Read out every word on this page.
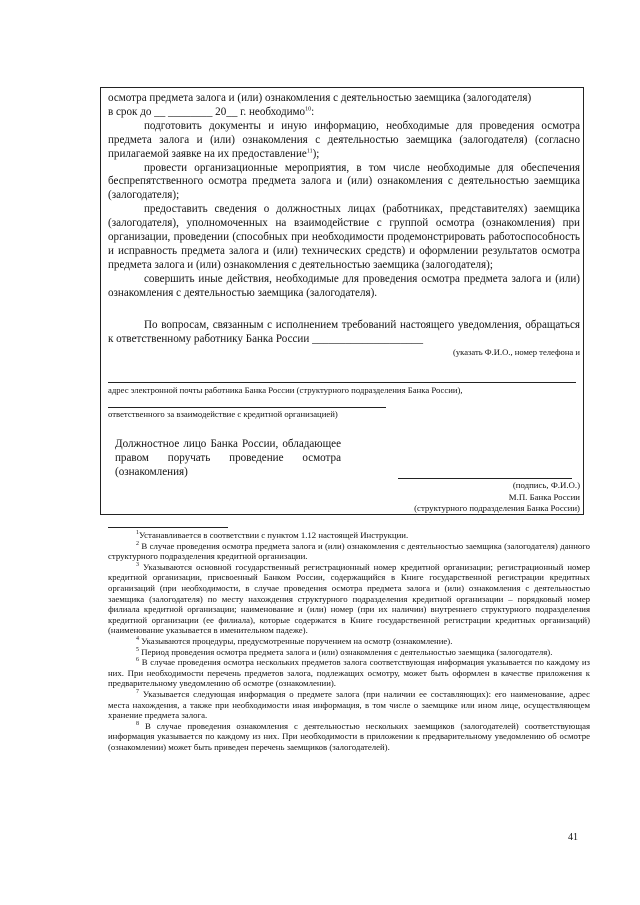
осмотра предмета залога и (или) ознакомления с деятельностью заемщика (залогодателя)

в срок до __ ________ 20__ г. необходимо$^{10}$:

подготовить документы и иную информацию, необходимые для проведения осмотра предмета залога и (или) ознакомления с деятельностью заемщика (залогодателя) (согласно прилагаемой заявке на их предоставление$^{11}$);

провести организационные мероприятия, в том числе необходимые для обеспечения беспрепятственного осмотра предмета залога и (или) ознакомления с деятельностью заемщика (залогодателя);

предоставить сведения о должностных лицах (работниках, представителях) заемщика (залогодателя), уполномоченных на взаимодействие с группой осмотра (ознакомления) при организации, проведении (способных при необходимости продемонстрировать работоспособность и исправность предмета залога и (или) технических средств) и оформлении результатов осмотра предмета залога и (или) ознакомления с деятельностью заемщика (залогодателя);

совершить иные действия, необходимые для проведения осмотра предмета залога и (или) ознакомления с деятельностью заемщика (залогодателя).

По вопросам, связанным с исполнением требований настоящего уведомления, обращаться к ответственному работнику Банка России ____________________

(указать Ф.И.О., номер телефона и

адрес электронной почты работника Банка России (структурного подразделения Банка России),
ответственного за взаимодействие с кредитной организацией)
Должностное лицо Банка России, обладающее правом поручать проведение осмотра (ознакомления)
(подпись, Ф.И.О.)
М.П. Банка России
(структурного подразделения Банка России)

$^1$Устанавливается в соответствии с пунктом 1.12 настоящей Инструкции.

$^2$ В случае проведения осмотра предмета залога и (или) ознакомления с деятельностью заемщика (залогодателя) данного структурного подразделения кредитной организации.

$^3$ Указываются основной государственный регистрационный номер кредитной организации; регистрационный номер кредитной организации, присвоенный Банком России, содержащийся в Книге государственной регистрации кредитных организаций (при необходимости, в случае проведения осмотра предмета залога и (или) ознакомления с деятельностью заемщика (залогодателя) по месту нахождения структурного подразделения кредитной организации – порядковый номер филиала кредитной организации; наименование и (или) номер (при их наличии) внутреннего структурного подразделения кредитной организации (ее филиала), которые содержатся в Книге государственной регистрации кредитных организаций) (наименование указывается в именительном падеже).

$^4$ Указываются процедуры, предусмотренные поручением на осмотр (ознакомление).

$^5$ Период проведения осмотра предмета залога и (или) ознакомления с деятельностью заемщика (залогодателя).

$^6$ В случае проведения осмотра нескольких предметов залога соответствующая информация указывается по каждому из них. При необходимости перечень предметов залога, подлежащих осмотру, может быть оформлен в качестве приложения к предварительному уведомлению об осмотре (ознакомлении).

$^7$ Указывается следующая информация о предмете залога (при наличии ее составляющих): его наименование, адрес места нахождения, а также при необходимости иная информация, в том числе о заемщике или ином лице, осуществляющем хранение предмета залога.

$^8$ В случае проведения ознакомления с деятельностью нескольких заемщиков (залогодателей) соответствующая информация указывается по каждому из них. При необходимости в приложении к предварительному уведомлению об осмотре (ознакомлении) может быть приведен перечень заемщиков (залогодателей).

41
